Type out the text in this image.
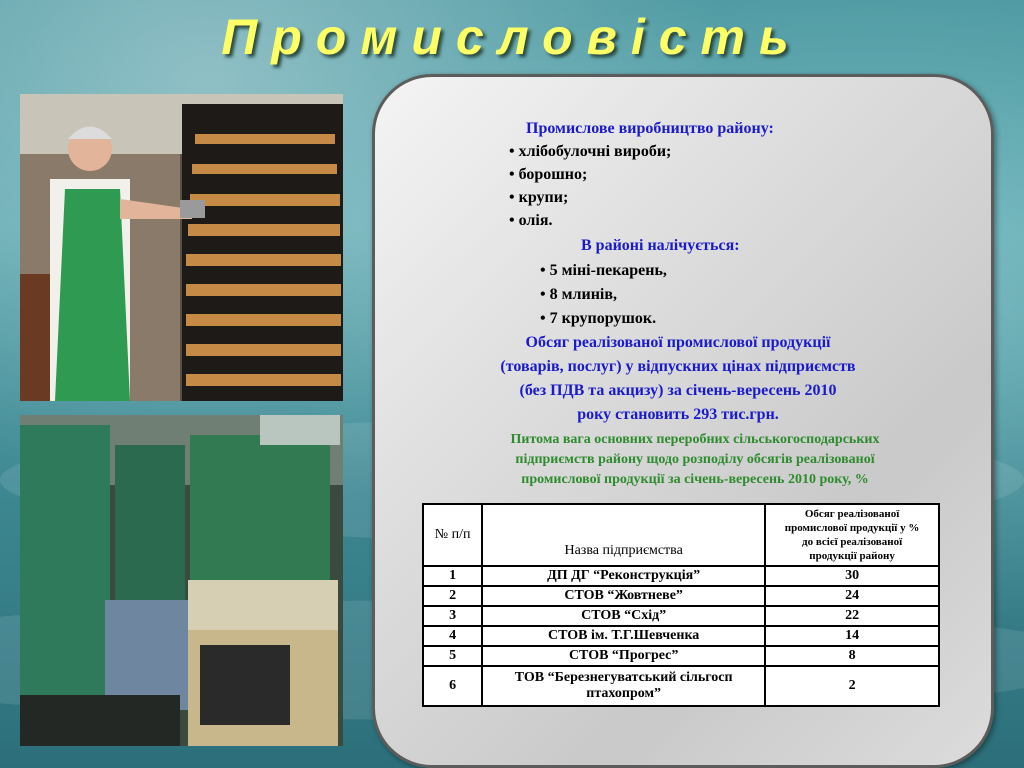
Промисловість
Промислове виробництво району:
• хлібобулочні вироби;
• борошно;
• крупи;
• олія.
В районі налічується:
• 5 міні-пекарень,
• 8 млинів,
• 7 крупорушок.
Обсяг реалізованої промислової продукції
(товарів, послуг) у відпускних цінах підприємств
(без ПДВ та акцизу) за січень-вересень 2010
року становить 293 тис.грн.
Питома вага основних переробних сільськогосподарських
підприємств району щодо розподілу обсягів реалізованої
промислової продукції за січень-вересень 2010 року, %
№ п/п	Назва підприємства	Обсяг реалізованої
промислової продукції у %
до всієї реалізованої
продукції району

1	ДП ДГ “Реконструкція”	30
2	СТОВ “Жовтневе”	24
3	СТОВ “Схід”	22
4	СТОВ ім. Т.Г.Шевченка	14
5	СТОВ “Прогрес”	8
6	ТОВ “Березнегуватський сільгосп
птахопром”	2
